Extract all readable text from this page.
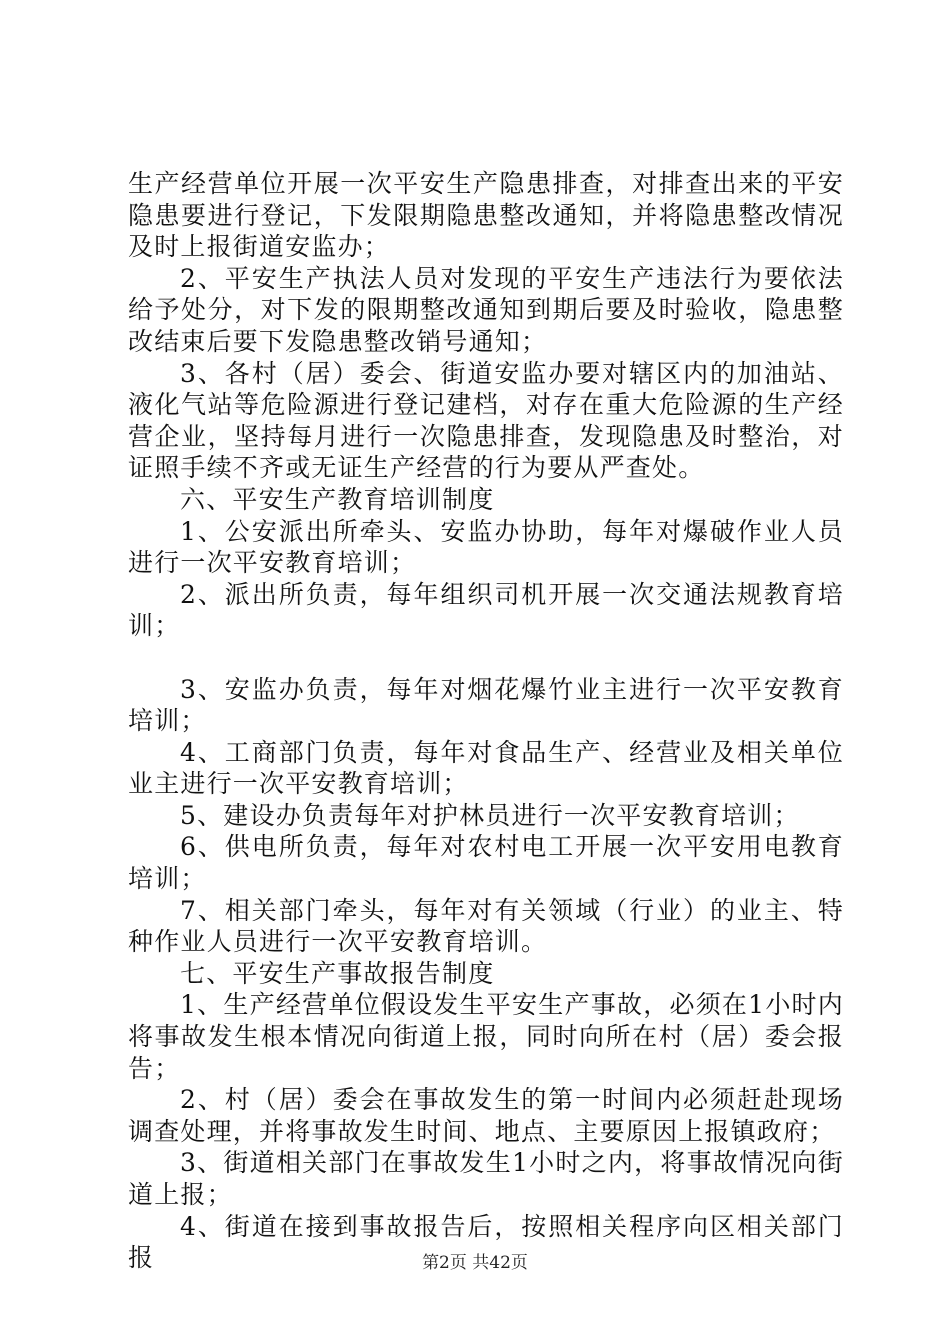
生产经营单位开展一次平安生产隐患排查，对排查出来的平安隐患要进行登记，下发限期隐患整改通知，并将隐患整改情况及时上报街道安监办；

2、平安生产执法人员对发现的平安生产违法行为要依法给予处分，对下发的限期整改通知到期后要及时验收，隐患整改结束后要下发隐患整改销号通知；

3、各村（居）委会、街道安监办要对辖区内的加油站、液化气站等危险源进行登记建档，对存在重大危险源的生产经营企业，坚持每月进行一次隐患排查，发现隐患及时整治，对证照手续不齐或无证生产经营的行为要从严查处。

六、平安生产教育培训制度

1、公安派出所牵头、安监办协助，每年对爆破作业人员进行一次平安教育培训；

2、派出所负责，每年组织司机开展一次交通法规教育培训；

3、安监办负责，每年对烟花爆竹业主进行一次平安教育培训；

4、工商部门负责，每年对食品生产、经营业及相关单位业主进行一次平安教育培训；

5、建设办负责每年对护林员进行一次平安教育培训；

6、供电所负责，每年对农村电工开展一次平安用电教育培训；

7、相关部门牵头，每年对有关领域（行业）的业主、特种作业人员进行一次平安教育培训。

七、平安生产事故报告制度

1、生产经营单位假设发生平安生产事故，必须在1小时内将事故发生根本情况向街道上报，同时向所在村（居）委会报告；

2、村（居）委会在事故发生的第一时间内必须赶赴现场调查处理，并将事故发生时间、地点、主要原因上报镇政府；

3、街道相关部门在事故发生1小时之内，将事故情况向街道上报；

4、街道在接到事故报告后，按照相关程序向区相关部门报	第2页 共42页
